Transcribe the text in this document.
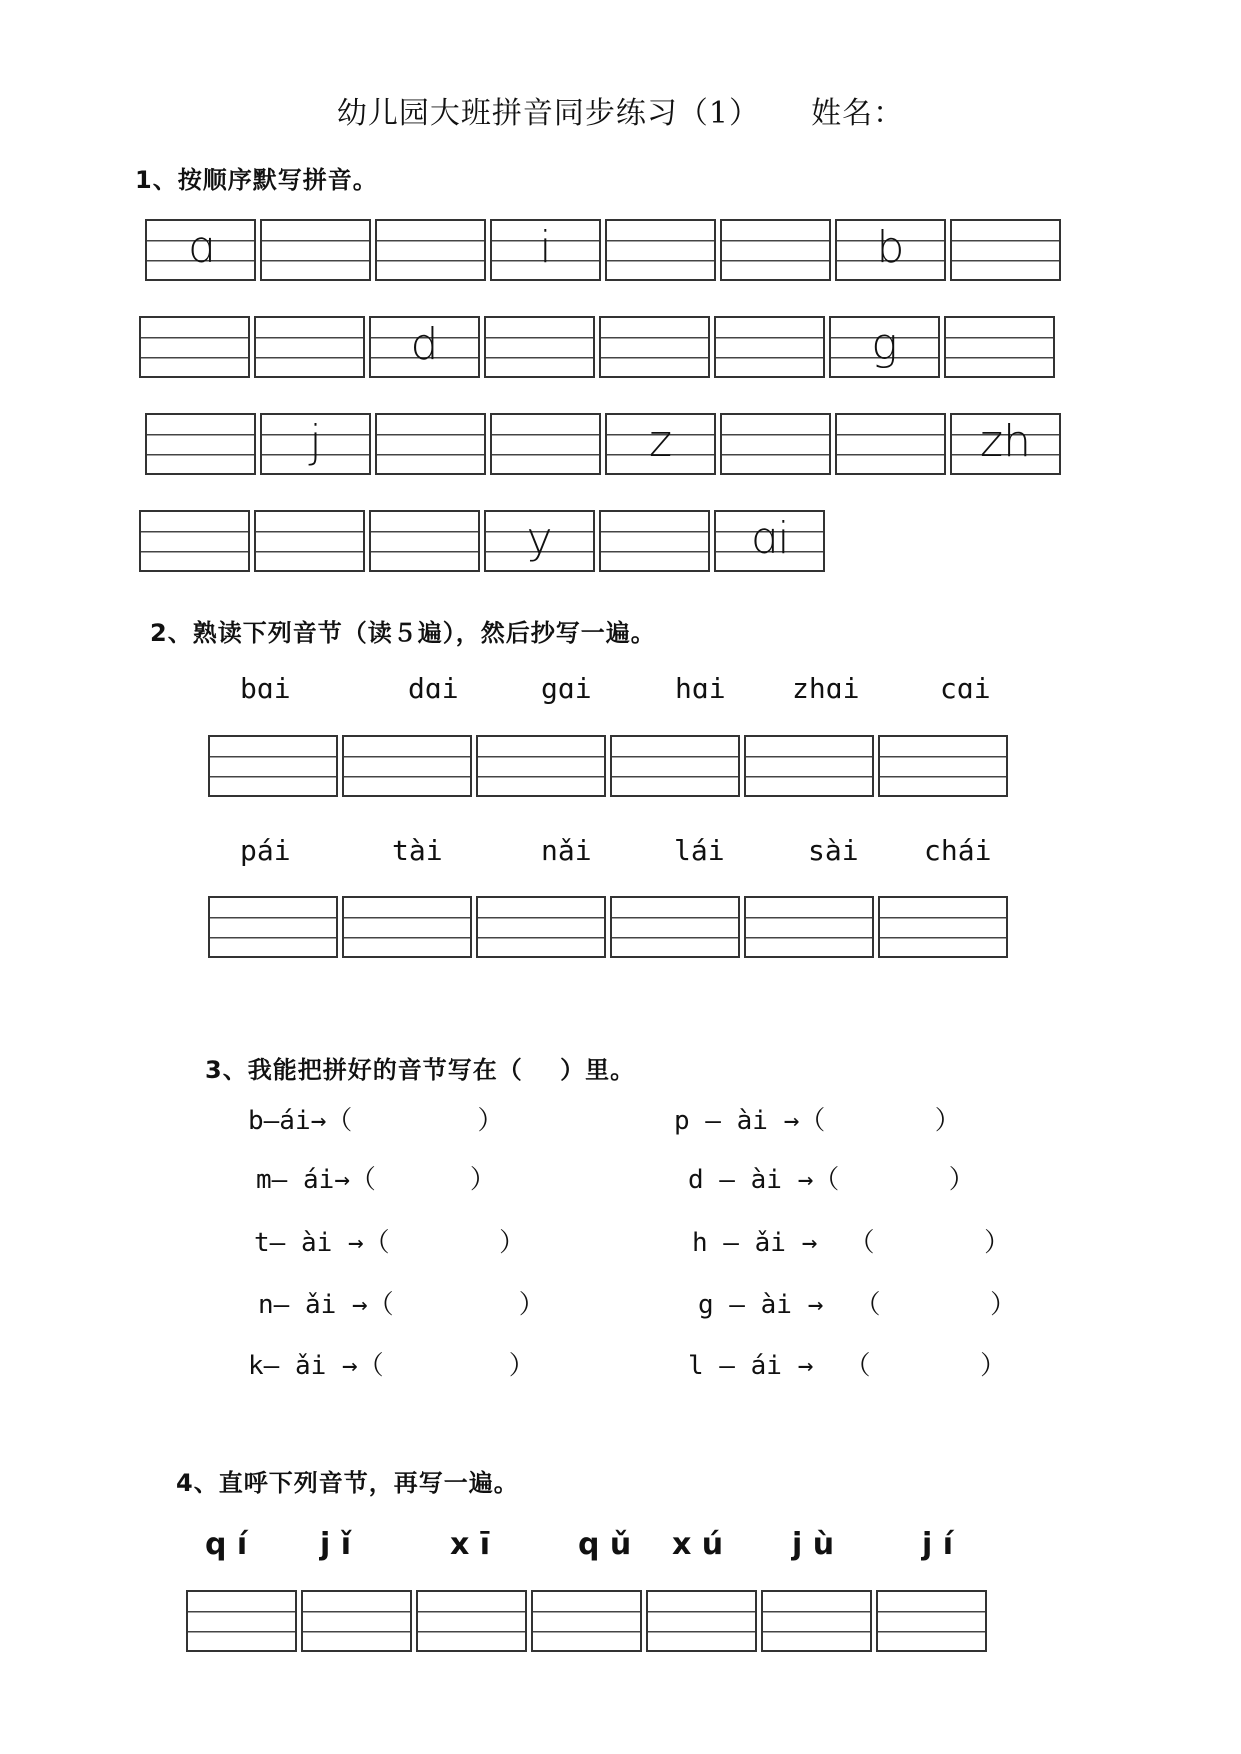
幼儿园大班拼音同步练习（1） 姓名：
1、按顺序默写拼音。
ɑ	i	b
d	g
j	z	zh
y	ɑi
2、熟读下列音节（读５遍），然后抄写一遍。
bɑi	dɑi	gɑi	hɑi zhɑi	cɑi
pái	tài	nǎi	lái	sài chái
3、我能把拼好的音节写在（    ）里。
b—ái→（        ）
m— ái→（      ）
t— ài →（       ）
n— ǎi →（        ）
k— ǎi →（        ）
p — ài →（       ）
d — ài →（       ）
h — ǎi →  （       ）
g — ài →  （       ）
l — ái →  （       ）
4、直呼下列音节，再写一遍。
q í j ǐ	x ī	q ǔ x ú j ù	j í
